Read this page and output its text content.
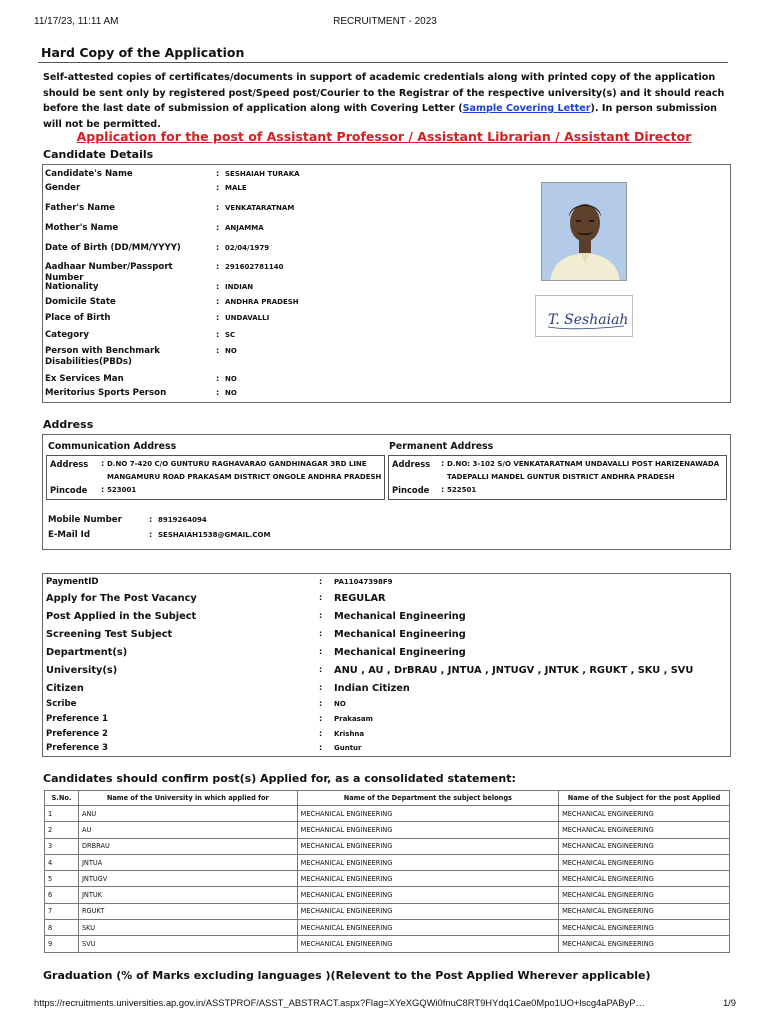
11/17/23, 11:11 AM	RECRUITMENT - 2023
Hard Copy of the Application
Self-attested copies of certificates/documents in support of academic credentials along with printed copy of the application should be sent only by registered post/Speed post/Courier to the Registrar of the respective university(s) and it should reach before the last date of submission of application along with Covering Letter (Sample Covering Letter). In person submission will not be permitted.
Application for the post of Assistant Professor / Assistant Librarian / Assistant Director
Candidate Details
Candidate's Name	: SESHAIAH TURAKA
Gender	: MALE
Father's Name	: VENKATARATNAM
Mother's Name	: ANJAMMA
Date of Birth (DD/MM/YYYY)	: 02/04/1979
Aadhaar Number/Passport Number
: 291602781140
Nationality	: INDIAN
Domicile State	: ANDHRA PRADESH
Place of Birth	: UNDAVALLI
Category	: SC
Person with Benchmark Disabilities(PBDs)
: NO
Ex Services Man	: NO
Meritorius Sports Person	: NO
T. Seshaiah
Address
Communication Address	Permanent Address
Address : D.NO 7-420 C/O GUNTURU RAGHAVARAO GANDHINAGAR 3RD LINE
MANGAMURU ROAD PRAKASAM DISTRICT ONGOLE ANDHRA PRADESH
Pincode : 523001
Address : D.NO: 3-102 S/O VENKATARATNAM UNDAVALLI POST HARIZENAWADA
TADEPALLI MANDEL GUNTUR DISTRICT ANDHRA PRADESH
Pincode : 522501
Mobile Number	: 8919264094
E-Mail Id	: SESHAIAH1538@GMAIL.COM
PaymentID	: PA11047398F9
Apply for The Post Vacancy	: REGULAR
Post Applied in the Subject	: Mechanical Engineering
Screening Test Subject	: Mechanical Engineering
Department(s)	: Mechanical Engineering
University(s)	: ANU , AU , DrBRAU , JNTUA , JNTUGV , JNTUK , RGUKT , SKU , SVU
Citizen	: Indian Citizen
Scribe	: NO
Preference 1	: Prakasam
Preference 2	: Krishna
Preference 3	: Guntur
Candidates should confirm post(s) Applied for, as a consolidated statement:
S.No.	Name of the University in which applied for	Name of the Department the subject belongs	Name of the Subject for the post Applied
1	ANU	MECHANICAL ENGINEERING	MECHANICAL ENGINEERING
2	AU	MECHANICAL ENGINEERING	MECHANICAL ENGINEERING
3	DRBRAU	MECHANICAL ENGINEERING	MECHANICAL ENGINEERING
4	JNTUA	MECHANICAL ENGINEERING	MECHANICAL ENGINEERING
5	JNTUGV	MECHANICAL ENGINEERING	MECHANICAL ENGINEERING
6	JNTUK	MECHANICAL ENGINEERING	MECHANICAL ENGINEERING
7	RGUKT	MECHANICAL ENGINEERING	MECHANICAL ENGINEERING
8	SKU	MECHANICAL ENGINEERING	MECHANICAL ENGINEERING
9	SVU	MECHANICAL ENGINEERING	MECHANICAL ENGINEERING
Graduation (% of Marks excluding languages )(Relevent to the Post Applied Wherever applicable)
https://recruitments.universities.ap.gov.in/ASSTPROF/ASST_ABSTRACT.aspx?Flag=XYeXGQWi0fnuC8RT9HYdq1Cae0Mpo1UO+lscg4aPAByP…	1/9
